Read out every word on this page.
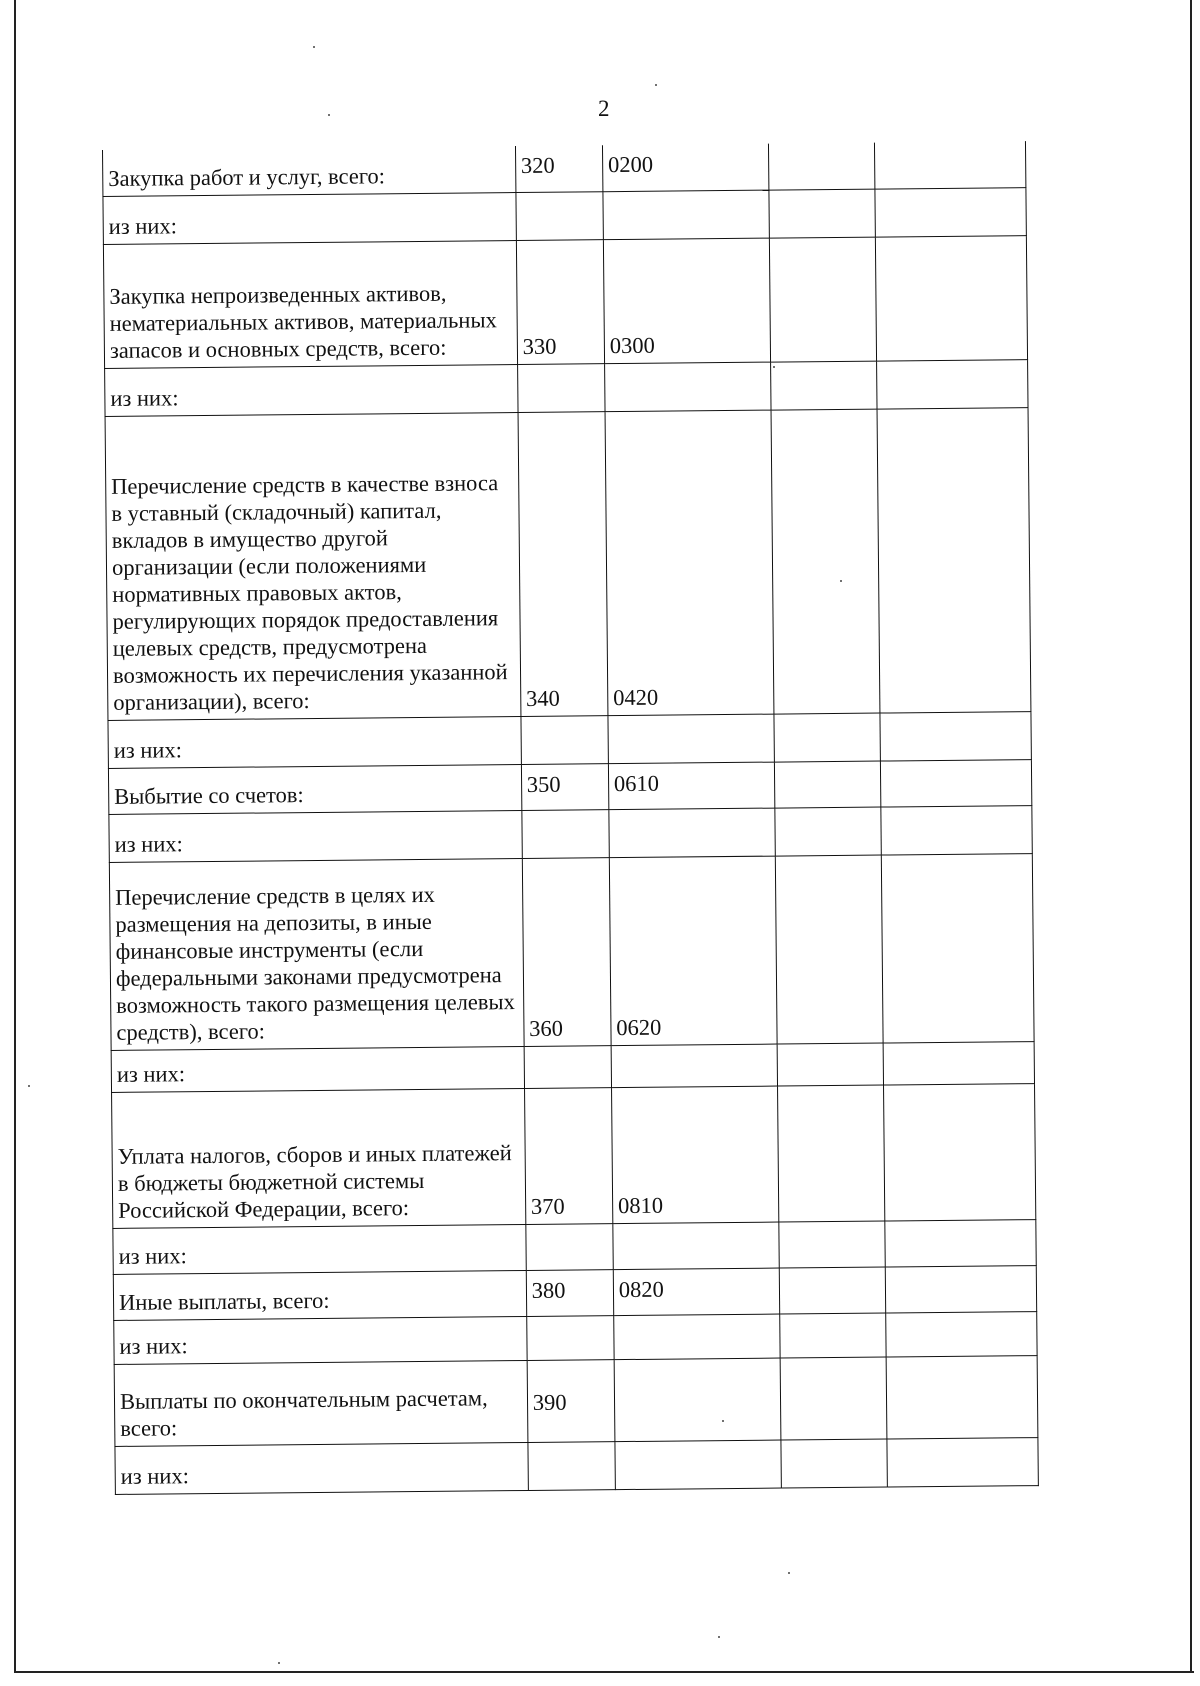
2
Закупка работ и услуг, всего:	320	0200		
из них:				
Закупка непроизведенных активов, нематериальных активов, материальных запасов и основных средств, всего:	330	0300		
из них:				
Перечисление средств в качестве взноса в уставный (складочный) капитал, вкладов в имущество другой организации (если положениями нормативных правовых актов, регулирующих порядок предоставления целевых средств, предусмотрена возможность их перечисления указанной организации), всего:	340	0420		
из них:				
Выбытие со счетов:	350	0610		
из них:				
Перечисление средств в целях их размещения на депозиты, в иные финансовые инструменты (если федеральными законами предусмотрена возможность такого размещения целевых средств), всего:	360	0620		
из них:				
Уплата налогов, сборов и иных платежей в бюджеты бюджетной системы Российской Федерации, всего:	370	0810		
из них:				
Иные выплаты, всего:	380	0820		
из них:				
Выплаты по окончательным расчетам, всего:	390			
из них:				
